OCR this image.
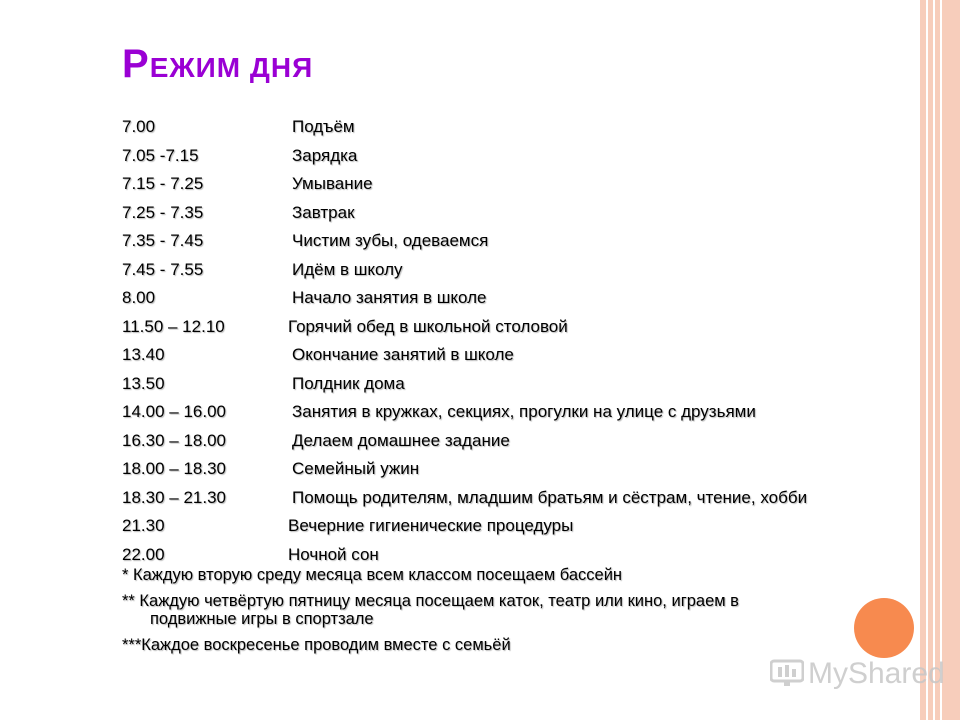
РЕЖИМ ДНЯ
7.00	Подъём
7.05 -7.15	Зарядка
7.15 - 7.25	Умывание
7.25 - 7.35	Завтрак
7.35 - 7.45	Чистим зубы, одеваемся
7.45 - 7.55	Идём в школу
8.00	Начало занятия в школе
11.50 – 12.10	Горячий обед в школьной столовой
13.40	Окончание занятий в школе
13.50	Полдник дома
14.00 – 16.00	Занятия в кружках, секциях, прогулки на улице с друзьями
16.30 – 18.00	Делаем домашнее задание
18.00 – 18.30	Семейный ужин
18.30 – 21.30	Помощь родителям, младшим братьям и сёстрам, чтение, хобби
21.30	Вечерние гигиенические процедуры
22.00	Ночной сон

* Каждую вторую среду месяца всем классом посещаем бассейн

** Каждую четвёртую пятницу месяца посещаем каток, театр или кино, играем в
подвижные игры в спортзале

***Каждое воскресенье проводим вместе с семьёй

MyShared
